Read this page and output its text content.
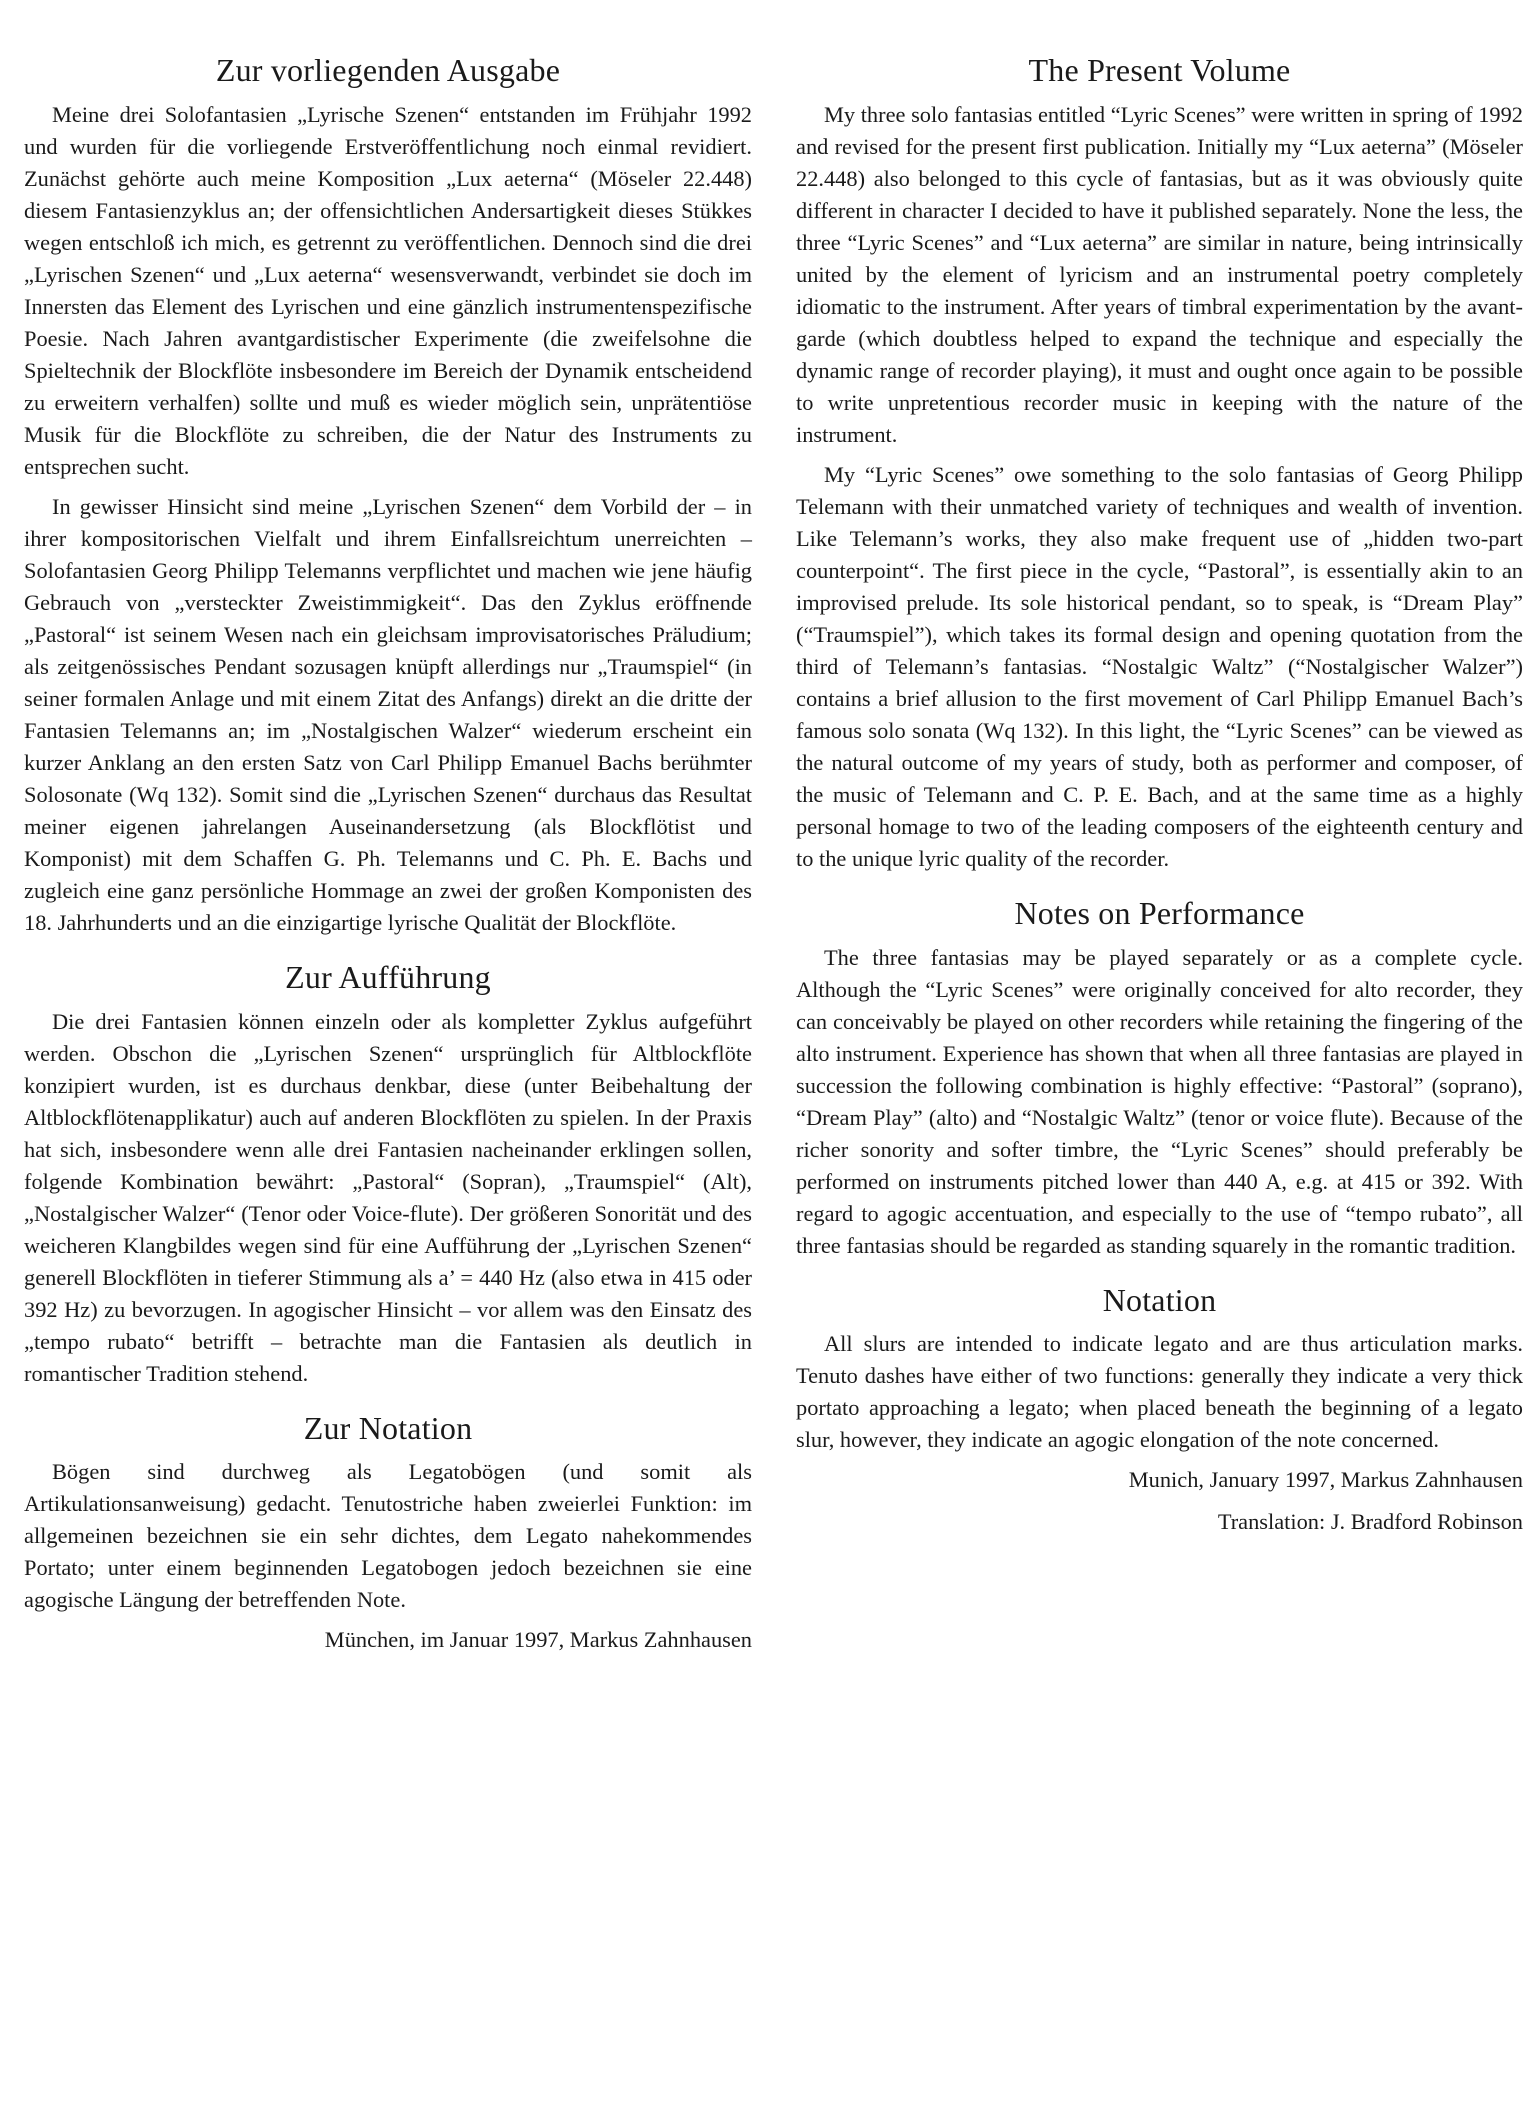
Zur vorliegenden Ausgabe

Meine drei Solofantasien „Lyrische Szenen“ entstanden im Frühjahr 1992 und wurden für die vorliegende Erstveröffentlichung noch einmal revidiert. Zunächst gehörte auch meine Komposition „Lux aeterna“ (Möseler 22.448) diesem Fantasienzyklus an; der offensichtlichen Andersartigkeit dieses Stükkes wegen entschloß ich mich, es getrennt zu veröffentlichen. Dennoch sind die drei „Lyrischen Szenen“ und „Lux aeterna“ wesensverwandt, verbindet sie doch im Innersten das Element des Lyrischen und eine gänzlich instrumentenspezifische Poesie. Nach Jahren avantgardistischer Experimente (die zweifelsohne die Spieltechnik der Blockflöte insbesondere im Bereich der Dynamik entscheidend zu erweitern verhalfen) sollte und muß es wieder möglich sein, unprätentiöse Musik für die Blockflöte zu schreiben, die der Natur des Instruments zu entsprechen sucht.

In gewisser Hinsicht sind meine „Lyrischen Szenen“ dem Vorbild der – in ihrer kompositorischen Vielfalt und ihrem Einfallsreichtum unerreichten – Solofantasien Georg Philipp Telemanns verpflichtet und machen wie jene häufig Gebrauch von „versteckter Zweistimmigkeit“. Das den Zyklus eröffnende „Pastoral“ ist seinem Wesen nach ein gleichsam improvisatorisches Präludium; als zeitgenössisches Pendant sozusagen knüpft allerdings nur „Traumspiel“ (in seiner formalen Anlage und mit einem Zitat des Anfangs) direkt an die dritte der Fantasien Telemanns an; im „Nostalgischen Walzer“ wiederum erscheint ein kurzer Anklang an den ersten Satz von Carl Philipp Emanuel Bachs berühmter Solosonate (Wq 132). Somit sind die „Lyrischen Szenen“ durchaus das Resultat meiner eigenen jahrelangen Auseinandersetzung (als Blockflötist und Komponist) mit dem Schaffen G. Ph. Telemanns und C. Ph. E. Bachs und zugleich eine ganz persönliche Hommage an zwei der großen Komponisten des 18. Jahrhunderts und an die einzigartige lyrische Qualität der Blockflöte.

Zur Aufführung

Die drei Fantasien können einzeln oder als kompletter Zyklus aufgeführt werden. Obschon die „Lyrischen Szenen“ ursprünglich für Altblockflöte konzipiert wurden, ist es durchaus denkbar, diese (unter Beibehaltung der Altblockflötenapplikatur) auch auf anderen Blockflöten zu spielen. In der Praxis hat sich, insbesondere wenn alle drei Fantasien nacheinander erklingen sollen, folgende Kombination bewährt: „Pastoral“ (Sopran), „Traumspiel“ (Alt), „Nostalgischer Walzer“ (Tenor oder Voice-flute). Der größeren Sonorität und des weicheren Klangbildes wegen sind für eine Aufführung der „Lyrischen Szenen“ generell Blockflöten in tieferer Stimmung als a’ = 440 Hz (also etwa in 415 oder 392 Hz) zu bevorzugen. In agogischer Hinsicht – vor allem was den Einsatz des „tempo rubato“ betrifft – betrachte man die Fantasien als deutlich in romantischer Tradition stehend.

Zur Notation

Bögen sind durchweg als Legatobögen (und somit als Artikulationsanweisung) gedacht. Tenutostriche haben zweierlei Funktion: im allgemeinen bezeichnen sie ein sehr dichtes, dem Legato nahekommendes Portato; unter einem beginnenden Legatobogen jedoch bezeichnen sie eine agogische Längung der betreffenden Note.

München, im Januar 1997, Markus Zahnhausen

The Present Volume

My three solo fantasias entitled “Lyric Scenes” were written in spring of 1992 and revised for the present first publication. Initially my “Lux aeterna” (Möseler 22.448) also belonged to this cycle of fantasias, but as it was obviously quite different in character I decided to have it published separately. None the less, the three “Lyric Scenes” and “Lux aeterna” are similar in nature, being intrinsically united by the element of lyricism and an instrumental poetry completely idiomatic to the instrument. After years of timbral experimentation by the avant-garde (which doubtless helped to expand the technique and especially the dynamic range of recorder playing), it must and ought once again to be possible to write unpretentious recorder music in keeping with the nature of the instrument.

My “Lyric Scenes” owe something to the solo fantasias of Georg Philipp Telemann with their unmatched variety of techniques and wealth of invention. Like Telemann’s works, they also make frequent use of „hidden two-part counterpoint“. The first piece in the cycle, “Pastoral”, is essentially akin to an improvised prelude. Its sole historical pendant, so to speak, is “Dream Play” (“Traumspiel”), which takes its formal design and opening quotation from the third of Telemann’s fantasias. “Nostalgic Waltz” (“Nostalgischer Walzer”) contains a brief allusion to the first movement of Carl Philipp Emanuel Bach’s famous solo sonata (Wq 132). In this light, the “Lyric Scenes” can be viewed as the natural outcome of my years of study, both as performer and composer, of the music of Telemann and C. P. E. Bach, and at the same time as a highly personal homage to two of the leading composers of the eighteenth century and to the unique lyric quality of the recorder.

Notes on Performance

The three fantasias may be played separately or as a complete cycle. Although the “Lyric Scenes” were originally conceived for alto recorder, they can conceivably be played on other recorders while retaining the fingering of the alto instrument. Experience has shown that when all three fantasias are played in succession the following combination is highly effective: “Pastoral” (soprano), “Dream Play” (alto) and “Nostalgic Waltz” (tenor or voice flute). Because of the richer sonority and softer timbre, the “Lyric Scenes” should preferably be performed on instruments pitched lower than 440 A, e.g. at 415 or 392. With regard to agogic accentuation, and especially to the use of “tempo rubato”, all three fantasias should be regarded as standing squarely in the romantic tradition.

Notation

All slurs are intended to indicate legato and are thus articulation marks. Tenuto dashes have either of two functions: generally they indicate a very thick portato approaching a legato; when placed beneath the beginning of a legato slur, however, they indicate an agogic elongation of the note concerned.

Munich, January 1997, Markus Zahnhausen

Translation: J. Bradford Robinson
